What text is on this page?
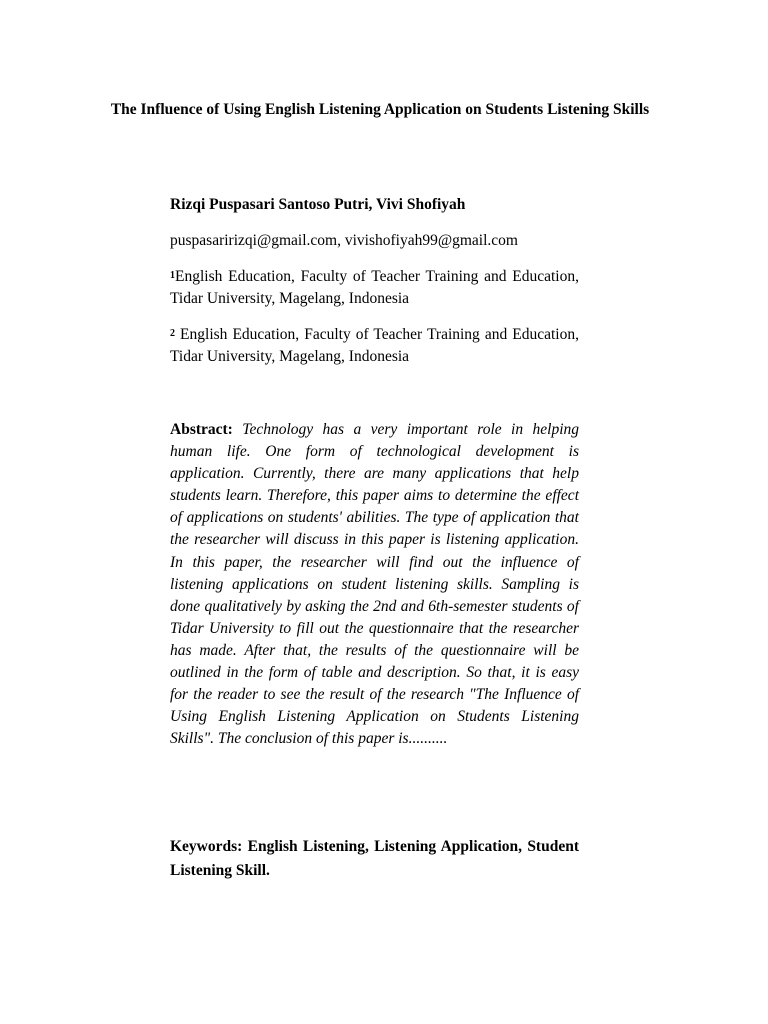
The Influence of Using English Listening Application on Students Listening Skills
Rizqi Puspasari Santoso Putri, Vivi Shofiyah
puspasaririzqi@gmail.com, vivishofiyah99@gmail.com
$^1$English Education, Faculty of Teacher Training and Education, Tidar University, Magelang, Indonesia
$^2$ English Education, Faculty of Teacher Training and Education, Tidar University, Magelang, Indonesia
Abstract: Technology has a very important role in helping human life. One form of technological development is application. Currently, there are many applications that help students learn. Therefore, this paper aims to determine the effect of applications on students' abilities. The type of application that the researcher will discuss in this paper is listening application. In this paper, the researcher will find out the influence of listening applications on student listening skills. Sampling is done qualitatively by asking the 2nd and 6th-semester students of Tidar University to fill out the questionnaire that the researcher has made. After that, the results of the questionnaire will be outlined in the form of table and description. So that, it is easy for the reader to see the result of the research "The Influence of Using English Listening Application on Students Listening Skills". The conclusion of this paper is..........
Keywords: English Listening, Listening Application, Student Listening Skill.
